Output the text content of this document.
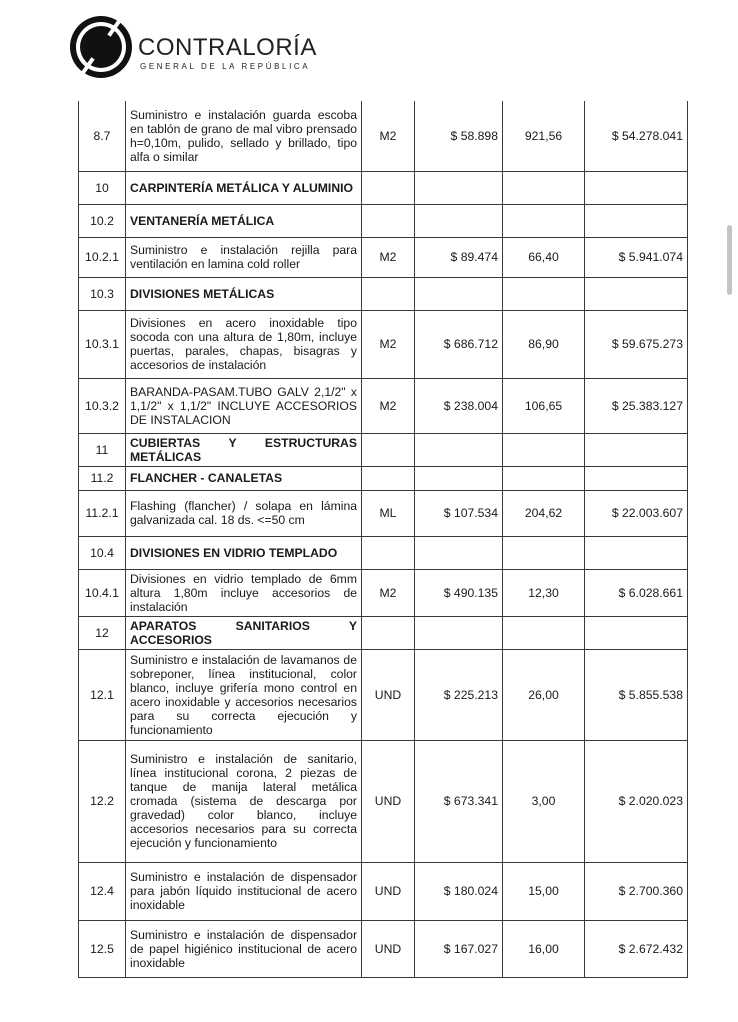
CONTRALORÍA
GENERAL DE LA REPÚBLICA
8.7	Suministro e instalación guarda escoba en tablón de grano de mal vibro prensado h=0,10m, pulido, sellado y brillado, tipo alfa o similar	M2	$ 58.898	921,56	$ 54.278.041
10	CARPINTERÍA METÁLICA Y ALUMINIO				
10.2	VENTANERÍA METÁLICA				
10.2.1	Suministro e instalación rejilla para ventilación en lamina cold roller	M2	$ 89.474	66,40	$ 5.941.074
10.3	DIVISIONES METÁLICAS				
10.3.1	Divisiones en acero inoxidable tipo socoda con una altura de 1,80m, incluye puertas, parales, chapas, bisagras y accesorios de instalación	M2	$ 686.712	86,90	$ 59.675.273
10.3.2	BARANDA-PASAM.TUBO GALV 2,1/2" x 1,1/2" x 1,1/2" INCLUYE ACCESORIOS DE INSTALACION	M2	$ 238.004	106,65	$ 25.383.127
11	CUBIERTAS Y ESTRUCTURAS METÁLICAS				
11.2	FLANCHER - CANALETAS				
11.2.1	Flashing (flancher) / solapa en lámina galvanizada cal. 18 ds. <=50 cm	ML	$ 107.534	204,62	$ 22.003.607
10.4	DIVISIONES EN VIDRIO TEMPLADO				
10.4.1	Divisiones en vidrio templado de 6mm altura 1,80m incluye accesorios de instalación	M2	$ 490.135	12,30	$ 6.028.661
12	APARATOS SANITARIOS Y ACCESORIOS				
12.1	Suministro e instalación de lavamanos de sobreponer, línea institucional, color blanco, incluye grifería mono control en acero inoxidable y accesorios necesarios para su correcta ejecución y funcionamiento	UND	$ 225.213	26,00	$ 5.855.538
12.2	Suministro e instalación de sanitario, línea institucional corona, 2 piezas de tanque de manija lateral metálica cromada (sistema de descarga por gravedad) color blanco, incluye accesorios necesarios para su correcta ejecución y funcionamiento	UND	$ 673.341	3,00	$ 2.020.023
12.4	Suministro e instalación de dispensador para jabón líquido institucional de acero inoxidable	UND	$ 180.024	15,00	$ 2.700.360
12.5	Suministro e instalación de dispensador de papel higiénico institucional de acero inoxidable	UND	$ 167.027	16,00	$ 2.672.432
